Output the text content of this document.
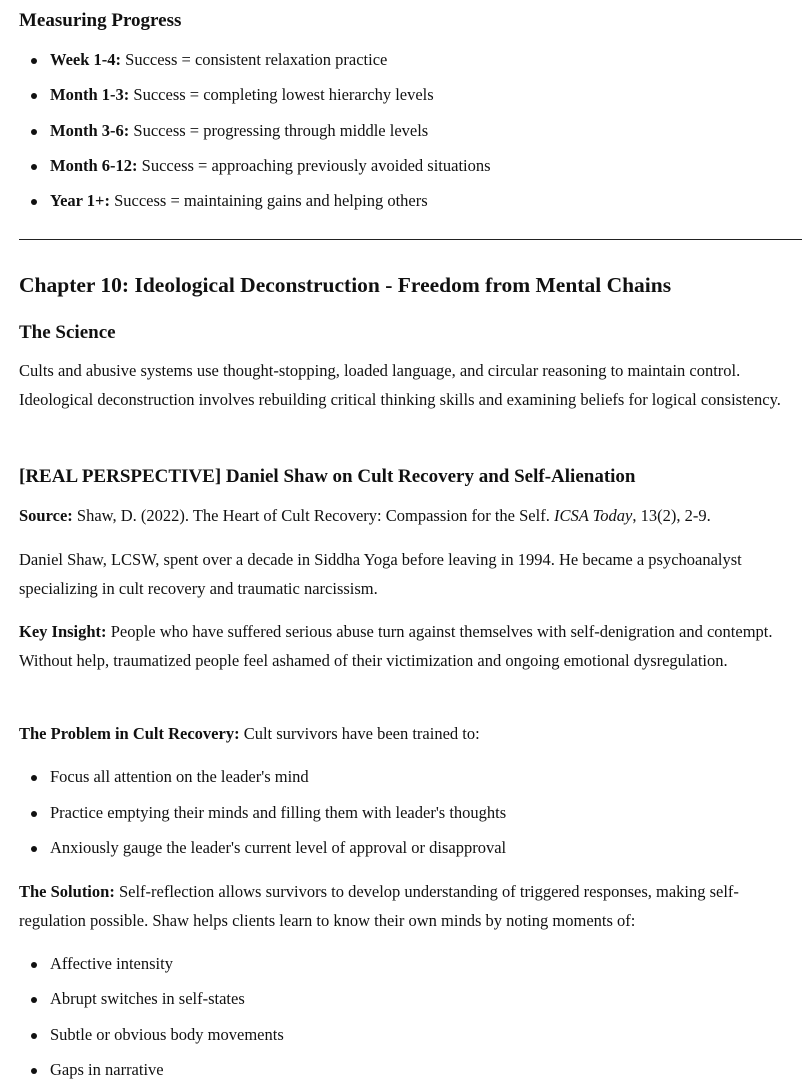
Measuring Progress
Week 1-4: Success = consistent relaxation practice
Month 1-3: Success = completing lowest hierarchy levels
Month 3-6: Success = progressing through middle levels
Month 6-12: Success = approaching previously avoided situations
Year 1+: Success = maintaining gains and helping others
Chapter 10: Ideological Deconstruction - Freedom from Mental Chains
The Science

Cults and abusive systems use thought-stopping, loaded language, and circular reasoning to maintain control. Ideological deconstruction involves rebuilding critical thinking skills and examining beliefs for logical consistency.

[REAL PERSPECTIVE] Daniel Shaw on Cult Recovery and Self-Alienation

Source: Shaw, D. (2022). The Heart of Cult Recovery: Compassion for the Self. ICSA Today, 13(2), 2-9.

Daniel Shaw, LCSW, spent over a decade in Siddha Yoga before leaving in 1994. He became a psychoanalyst specializing in cult recovery and traumatic narcissism.

Key Insight: People who have suffered serious abuse turn against themselves with self-denigration and contempt. Without help, traumatized people feel ashamed of their victimization and ongoing emotional dysregulation.

The Problem in Cult Recovery: Cult survivors have been trained to:

Focus all attention on the leader's mind
Practice emptying their minds and filling them with leader's thoughts
Anxiously gauge the leader's current level of approval or disapproval

The Solution: Self-reflection allows survivors to develop understanding of triggered responses, making self-regulation possible. Shaw helps clients learn to know their own minds by noting moments of:

Affective intensity
Abrupt switches in self-states
Subtle or obvious body movements
Gaps in narrative
